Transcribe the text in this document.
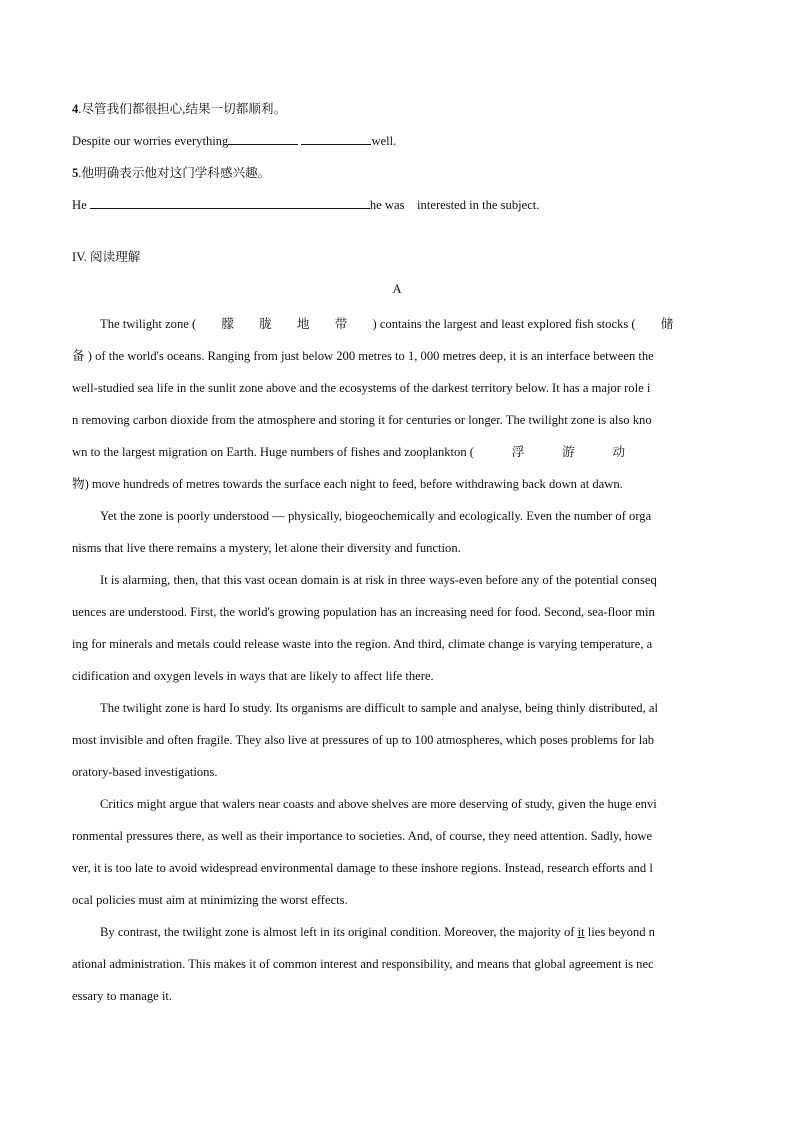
4.尽管我们都很担心,结果一切都顺利。
Despite our worries everything	well.
5.他明确表示他对这门学科感兴趣。
He	he was    interested in the subject.
IV. 阅读理解
A

The twilight zone (　　朦　　胧　　地　　带　　) contains the largest and least explored fish stocks (　　储
备 ) of the world's oceans. Ranging from just below 200 metres to 1, 000 metres deep, it is an interface between the
well-studied sea life in the sunlit zone above and the ecosystems of the darkest territory below. It has a major role i
n removing carbon dioxide from the atmosphere and storing it for centuries or longer. The twilight zone is also kno
wn to the largest migration on Earth. Huge numbers of fishes and zooplankton (　　　浮　　　游　　　动
物) move hundreds of metres towards the surface each night to feed, before withdrawing back down at dawn.

Yet the zone is poorly understood — physically, biogeochemically and ecologically. Even the number of orga
nisms that live there remains a mystery, let alone their diversity and function.

It is alarming, then, that this vast ocean domain is at risk in three ways-even before any of the potential conseq
uences are understood. First, the world's growing population has an increasing need for food. Second, sea-floor min
ing for minerals and metals could release waste into the region. And third, climate change is varying temperature, a
cidification and oxygen levels in ways that are likely to affect life there.

The twilight zone is hard Io study. Its organisms are difficult to sample and analyse, being thinly distributed, al
most invisible and often fragile. They also live at pressures of up to 100 atmospheres, which poses problems for lab
oratory-based investigations.

Critics might argue that walers near coasts and above shelves are more deserving of study, given the huge envi
ronmental pressures there, as well as their importance to societies. And, of course, they need attention. Sadly, howe
ver, it is too late to avoid widespread environmental damage to these inshore regions. Instead, research efforts and l
ocal policies must aim at minimizing the worst effects.

By contrast, the twilight zone is almost left in its original condition. Moreover, the majority of it lies beyond n
ational administration. This makes it of common interest and responsibility, and means that global agreement is nec
essary to manage it.
